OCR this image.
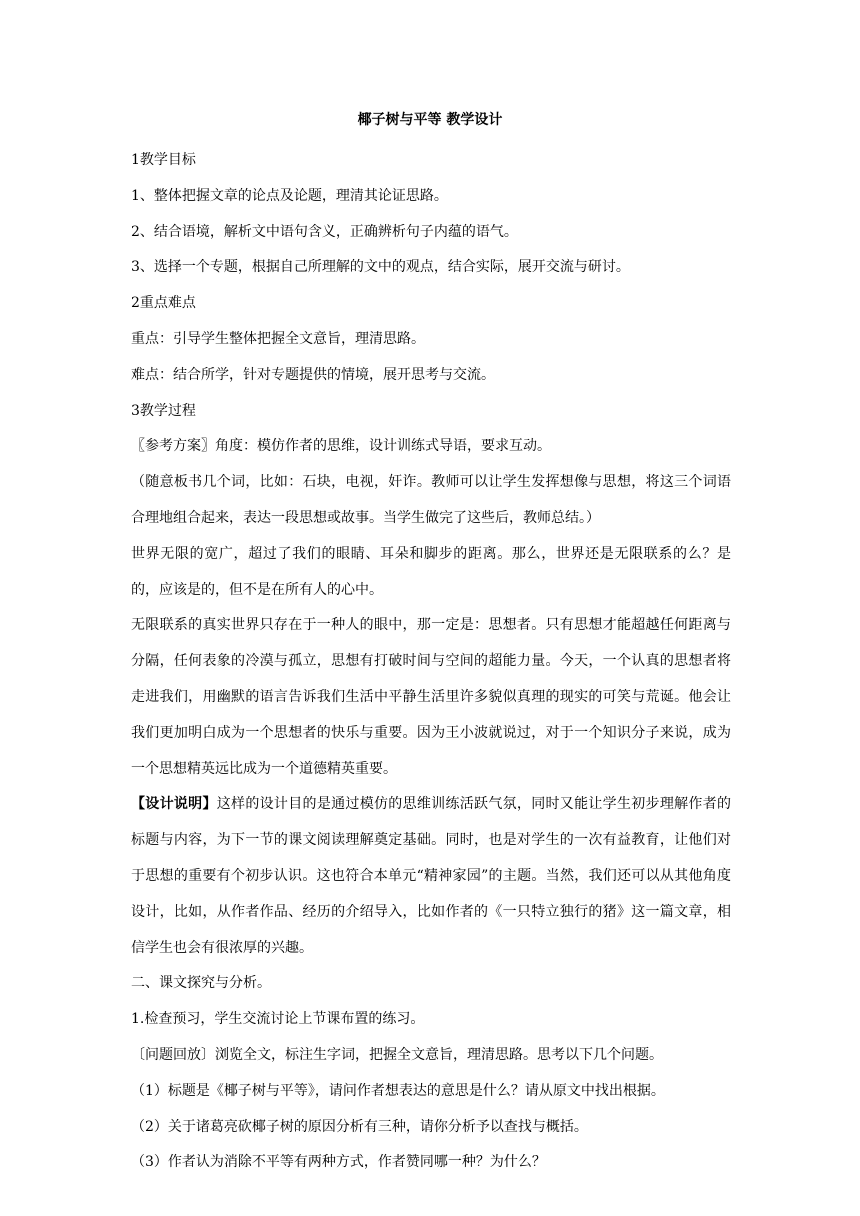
椰子树与平等 教学设计

1教学目标

1、整体把握文章的论点及论题，理清其论证思路。

2、结合语境，解析文中语句含义，正确辨析句子内蕴的语气。

3、选择一个专题，根据自己所理解的文中的观点，结合实际，展开交流与研讨。

2重点难点

重点：引导学生整体把握全文意旨，理清思路。

难点：结合所学，针对专题提供的情境，展开思考与交流。

3教学过程

〖参考方案〗角度：模仿作者的思维，设计训练式导语，要求互动。

（随意板书几个词，比如：石块，电视，奸诈。教师可以让学生发挥想像与思想，将这三个词语合理地组合起来，表达一段思想或故事。当学生做完了这些后，教师总结。）

世界无限的宽广，超过了我们的眼睛、耳朵和脚步的距离。那么，世界还是无限联系的么？是的，应该是的，但不是在所有人的心中。

无限联系的真实世界只存在于一种人的眼中，那一定是：思想者。只有思想才能超越任何距离与分隔，任何表象的冷漠与孤立，思想有打破时间与空间的超能力量。今天，一个认真的思想者将走进我们，用幽默的语言告诉我们生活中平静生活里许多貌似真理的现实的可笑与荒诞。他会让我们更加明白成为一个思想者的快乐与重要。因为王小波就说过，对于一个知识分子来说，成为一个思想精英远比成为一个道德精英重要。

【设计说明】这样的设计目的是通过模仿的思维训练活跃气氛，同时又能让学生初步理解作者的标题与内容，为下一节的课文阅读理解奠定基础。同时，也是对学生的一次有益教育，让他们对于思想的重要有个初步认识。这也符合本单元“精神家园”的主题。当然，我们还可以从其他角度设计，比如，从作者作品、经历的介绍导入，比如作者的《一只特立独行的猪》这一篇文章，相信学生也会有很浓厚的兴趣。

二、课文探究与分析。

1.检查预习，学生交流讨论上节课布置的练习。

〔问题回放〕浏览全文，标注生字词，把握全文意旨，理清思路。思考以下几个问题。

（1）标题是《椰子树与平等》，请问作者想表达的意思是什么？请从原文中找出根据。

（2）关于诸葛亮砍椰子树的原因分析有三种，请你分析予以查找与概括。

（3）作者认为消除不平等有两种方式，作者赞同哪一种？为什么？
